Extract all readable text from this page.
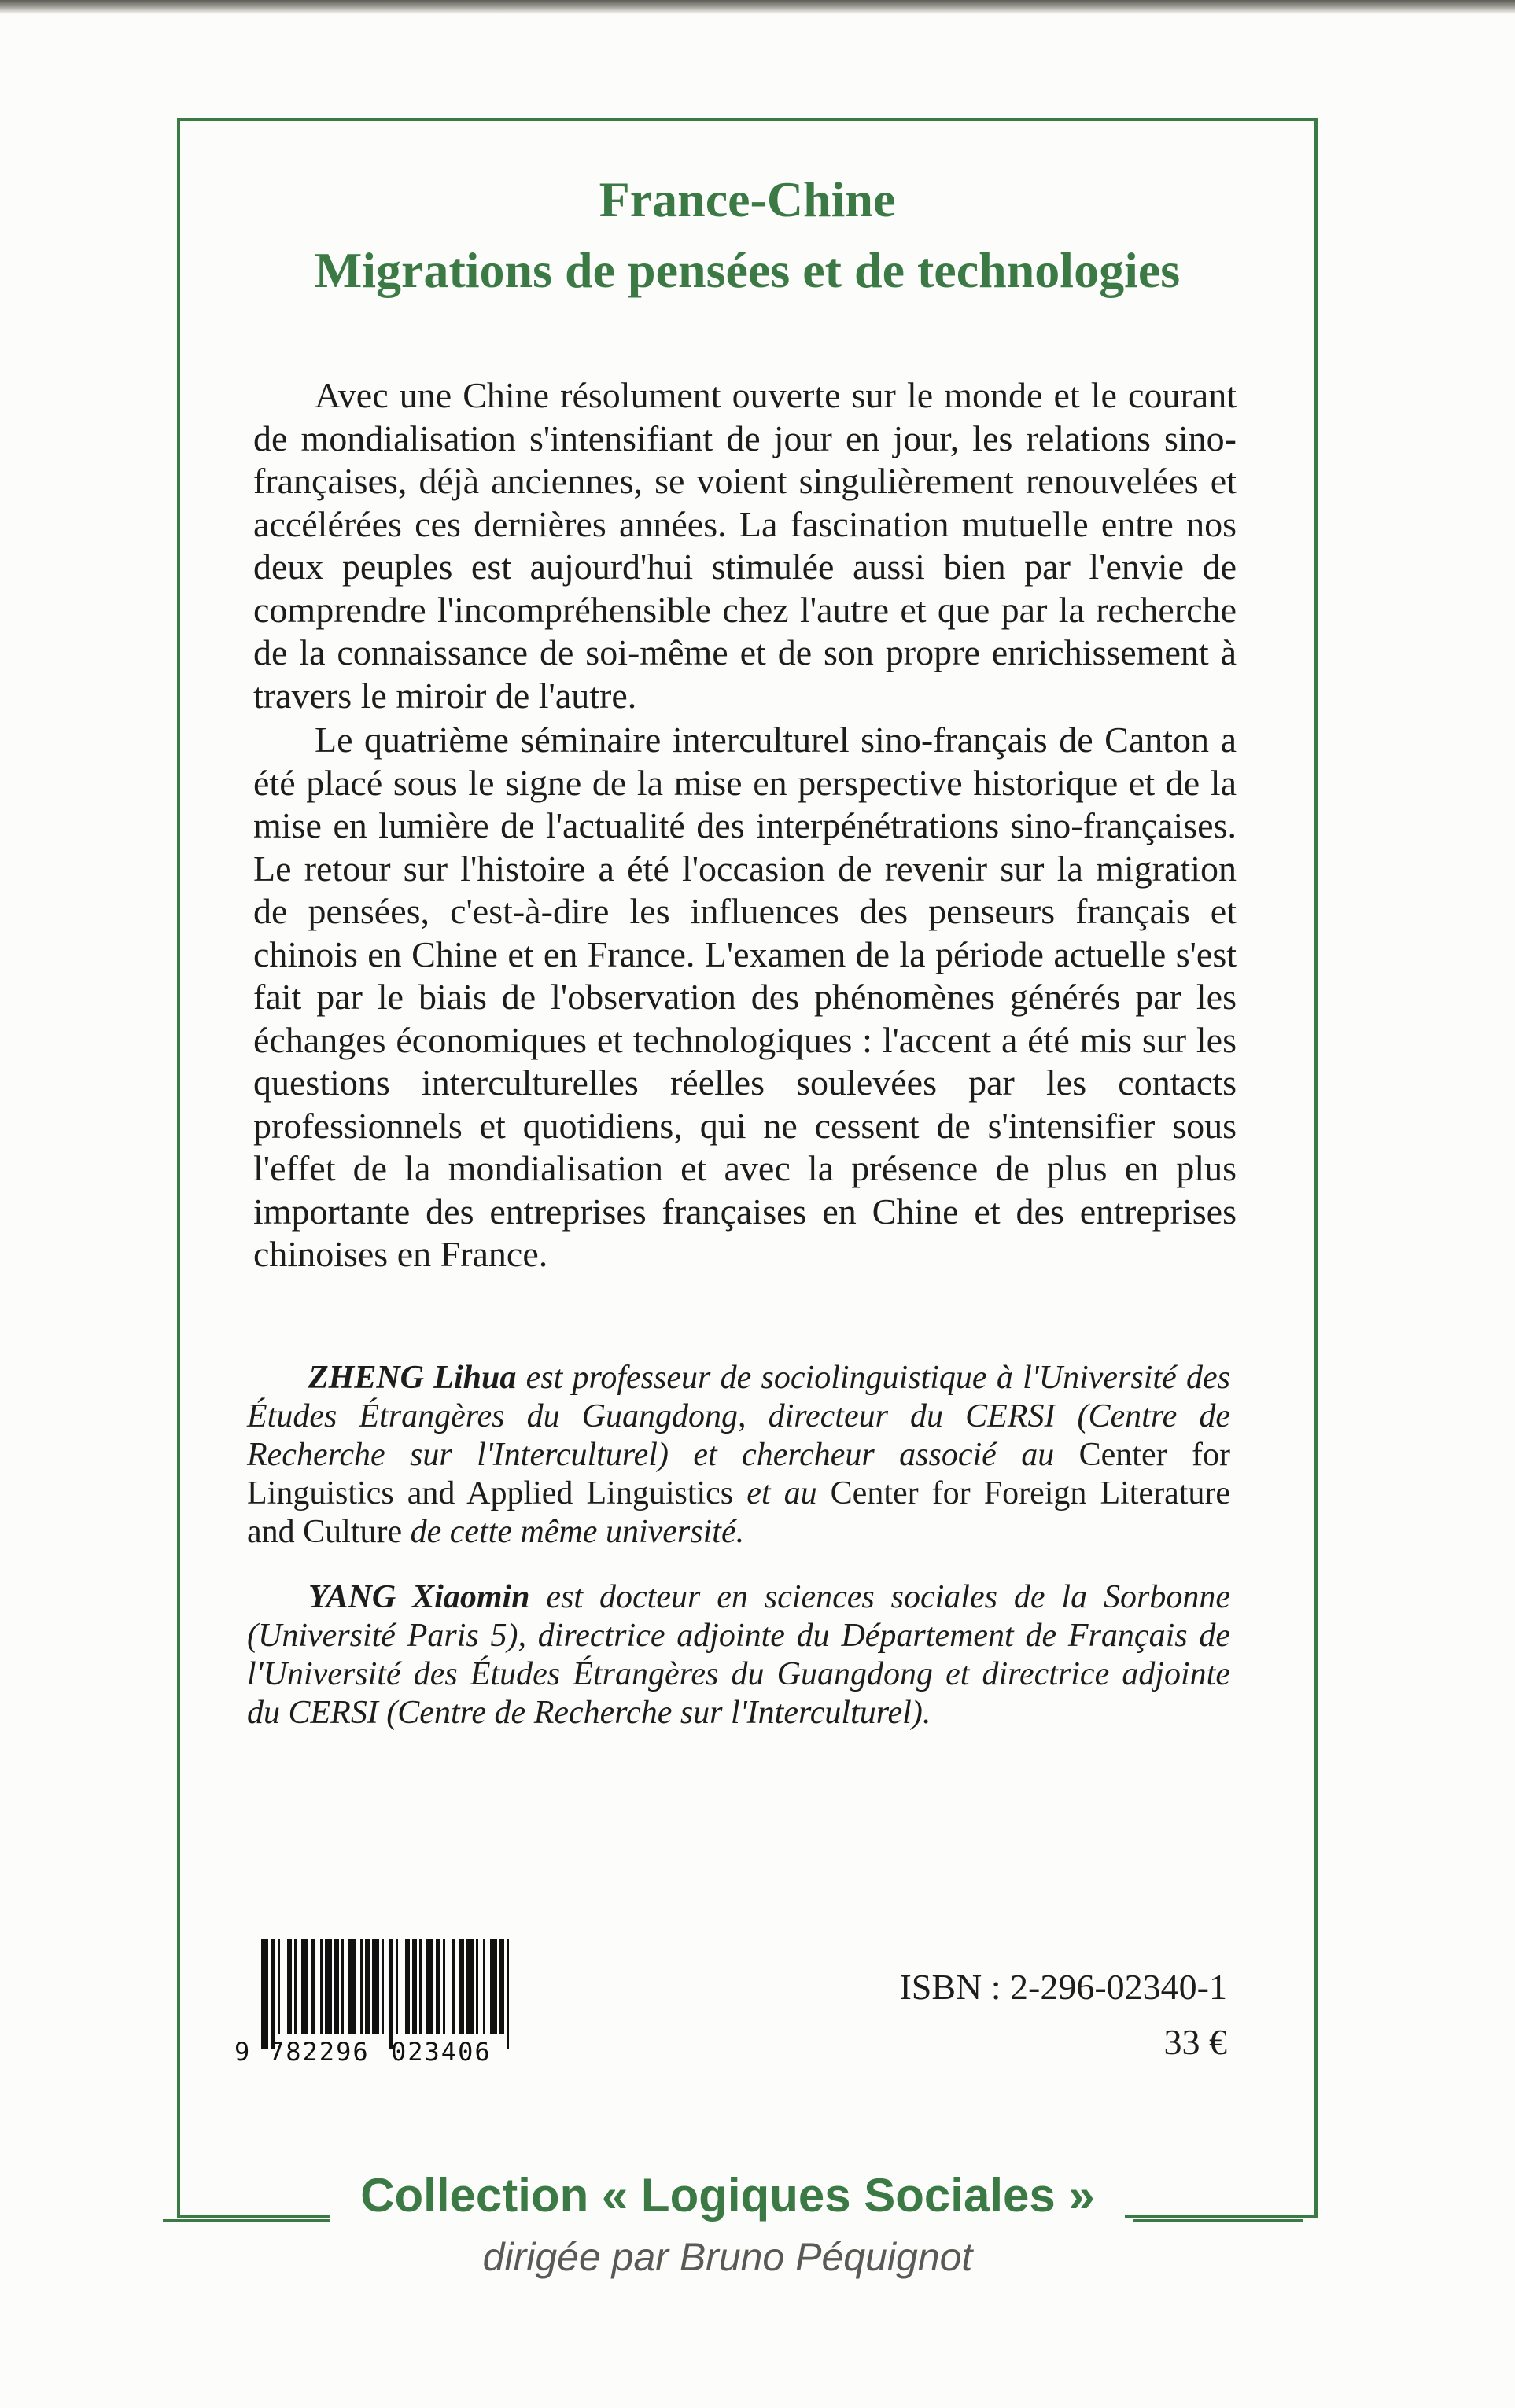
France-Chine
Migrations de pensées et de technologies

Avec une Chine résolument ouverte sur le monde et le courant de mondialisation s'intensifiant de jour en jour, les relations sino-françaises, déjà anciennes, se voient singulièrement renouvelées et accélérées ces dernières années. La fascination mutuelle entre nos deux peuples est aujourd'hui stimulée aussi bien par l'envie de comprendre l'incompréhensible chez l'autre et que par la recherche de la connaissance de soi-même et de son propre enrichissement à travers le miroir de l'autre.

Le quatrième séminaire interculturel sino-français de Canton a été placé sous le signe de la mise en perspective historique et de la mise en lumière de l'actualité des interpénétrations sino-françaises. Le retour sur l'histoire a été l'occasion de revenir sur la migration de pensées, c'est-à-dire les influences des penseurs français et chinois en Chine et en France. L'examen de la période actuelle s'est fait par le biais de l'observation des phénomènes générés par les échanges économiques et technologiques : l'accent a été mis sur les questions interculturelles réelles soulevées par les contacts professionnels et quotidiens, qui ne cessent de s'intensifier sous l'effet de la mondialisation et avec la présence de plus en plus importante des entreprises françaises en Chine et des entreprises chinoises en France.

ZHENG Lihua est professeur de sociolinguistique à l'Université des Études Étrangères du Guangdong, directeur du CERSI (Centre de Recherche sur l'Interculturel) et chercheur associé au Center for Linguistics and Applied Linguistics et au Center for Foreign Literature and Culture de cette même université.

YANG Xiaomin est docteur en sciences sociales de la Sorbonne (Université Paris 5), directrice adjointe du Département de Français de l'Université des Études Étrangères du Guangdong et directrice adjointe du CERSI (Centre de Recherche sur l'Interculturel).

9 782296 023406
ISBN : 2-296-02340-1
33 €
Collection « Logiques Sociales »
dirigée par Bruno Péquignot
